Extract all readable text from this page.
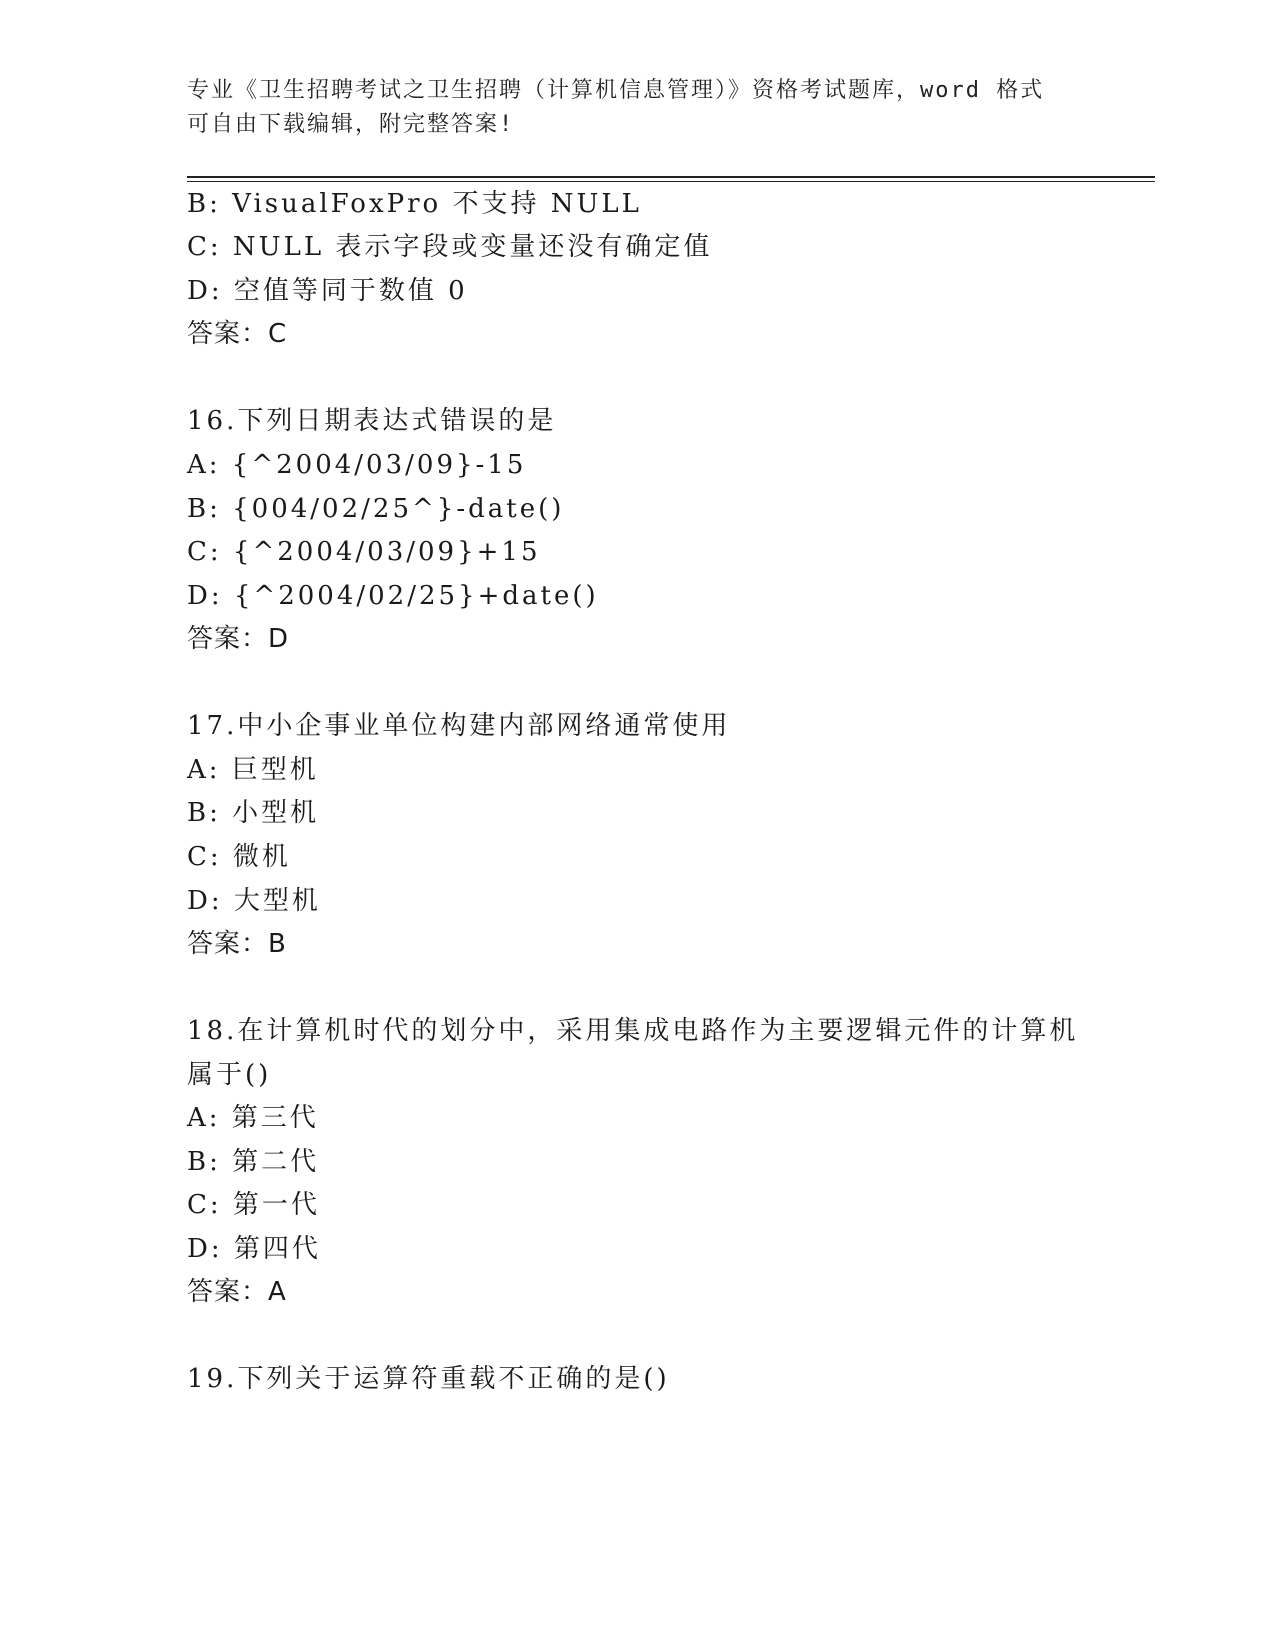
专业《卫生招聘考试之卫生招聘（计算机信息管理）》资格考试题库，word 格式
可自由下载编辑，附完整答案!
B: VisualFoxPro 不支持 NULL
C: NULL 表示字段或变量还没有确定值
D: 空值等同于数值 0
答案：C
16.下列日期表达式错误的是
A: {^2004/03/09}-15
B: {004/02/25^}-date()
C: {^2004/03/09}+15
D: {^2004/02/25}+date()
答案：D
17.中小企事业单位构建内部网络通常使用
A: 巨型机
B: 小型机
C: 微机
D: 大型机
答案：B
18.在计算机时代的划分中，采用集成电路作为主要逻辑元件的计算机
属于()
A: 第三代
B: 第二代
C: 第一代
D: 第四代
答案：A
19.下列关于运算符重载不正确的是()
